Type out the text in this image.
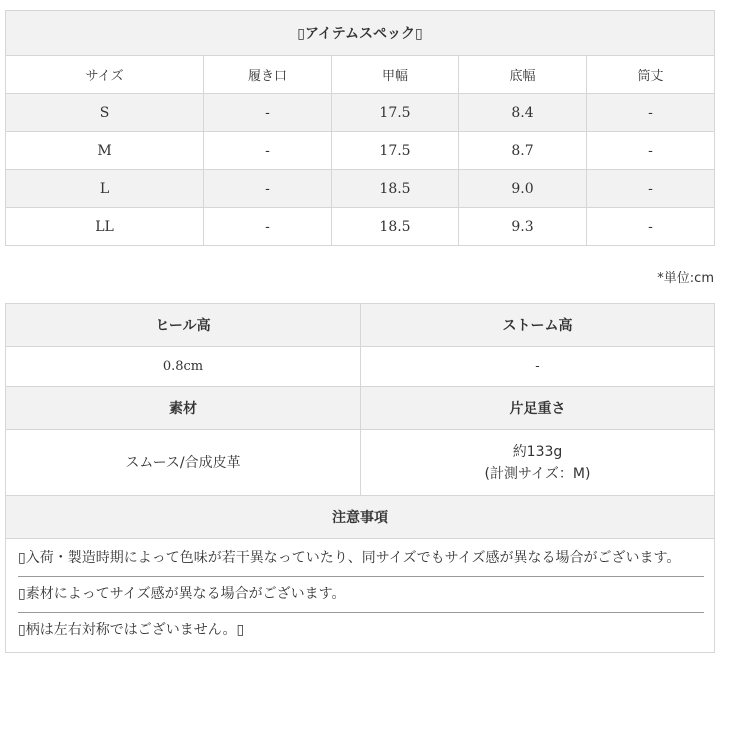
▯アイテムスペック▯				
サイズ	履き口	甲幅	底幅	筒丈
S	-	17.5	8.4	-
M	-	17.5	8.7	-
L	-	18.5	9.0	-
LL	-	18.5	9.3	-
*単位:cm
ヒール高	ストーム高
0.8cm	-
素材	片足重さ
スムース/合成皮革	約133g
(計測サイズ：M)

注意事項	

▯入荷・製造時期によって色味が若干異なっていたり、同サイズでもサイズ感が異なる場合がございます。
▯素材によってサイズ感が異なる場合がございます。
▯柄は左右対称ではございません。▯	
